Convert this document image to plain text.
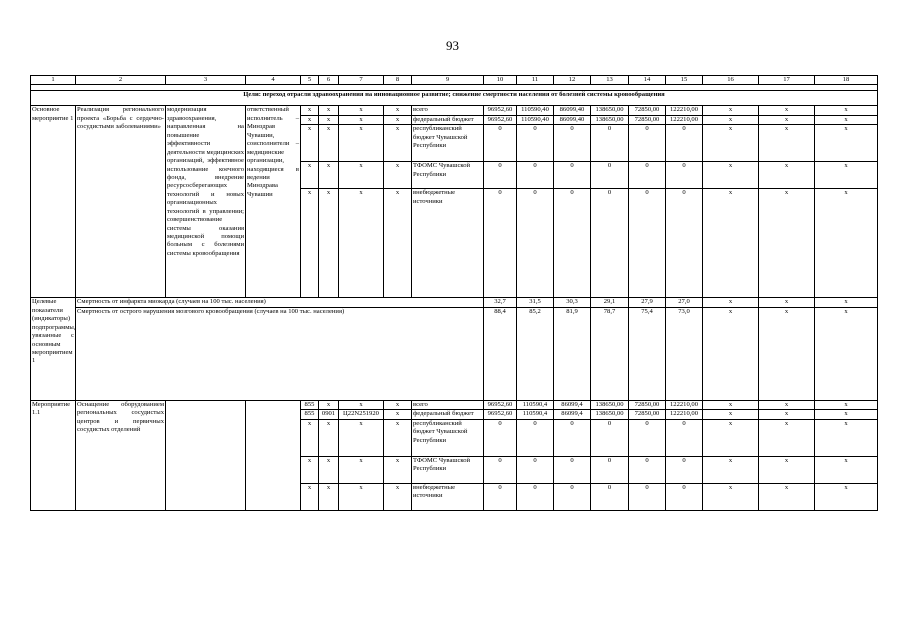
93
1	2	3	4	5	6	7	8	9	10	11	12	13	14	15	16	17	18

Цели: переход отрасли здравоохранения на инновационное развитие; снижение смертности населения от болезней системы кровообращения																	
Основное мероприятие 1	Реализация регионального проекта «Борьба с сердечно-сосудистыми заболеваниями»	модернизация здравоохранения, направленная на повышение эффективности деятельности медицинских организаций, эффективное использование коечного фонда, внедрение ресурсосберегающих технологий и новых организационных технологий в управлении; совершенствование системы оказания медицинской помощи больным с болезнями системы кровообращения	ответственный исполнитель – Минздрав Чувашии, соисполнители – медицинские организации, находящиеся в ведении Минздрава Чувашии	x	x	x	x	всего	96952,60	110590,40	86099,40	138650,00	72850,00	122210,00	x	x	x
				x	x	x	x	федеральный бюджет	96952,60	110590,40	86099,40	138650,00	72850,00	122210,00	x	x	x
				x	x	x	x	республиканский бюджет Чувашской Республики	0	0	0	0	0	0	x	x	x
				x	x	x	x	ТФОМС Чувашской Республики	0	0	0	0	0	0	x	x	x
				x	x	x	x	внебюджетные источники	0	0	0	0	0	0	x	x	x
Целевые показатели (индикаторы) подпрограммы, увязанные с основным мероприятием 1	Смертность от инфаркта миокарда (случаев на 100 тыс. населения)								32,7	31,5	30,3	29,1	27,9	27,0	x	x	x
	Смертность от острого нарушения мозгового кровообращения (случаев на 100 тыс. населения)								88,4	85,2	81,9	78,7	75,4	73,0	x	x	x
Мероприятие 1.1	Оснащение оборудованием региональных сосудистых центров и первичных сосудистых отделений			855	x	x	x	всего	96952,60	110590,4	86099,4	138650,00	72850,00	122210,00	x	x	x
				855	0901	Ц22N251920	x	федеральный бюджет	96952,60	110590,4	86099,4	138650,00	72850,00	122210,00	x	x	x
				x	x	x	x	республиканский бюджет Чувашской Республики	0	0	0	0	0	0	x	x	x
				x	x	x	x	ТФОМС Чувашской Республики	0	0	0	0	0	0	x	x	x
				x	x	x	x	внебюджетные источники	0	0	0	0	0	0	x	x	x
